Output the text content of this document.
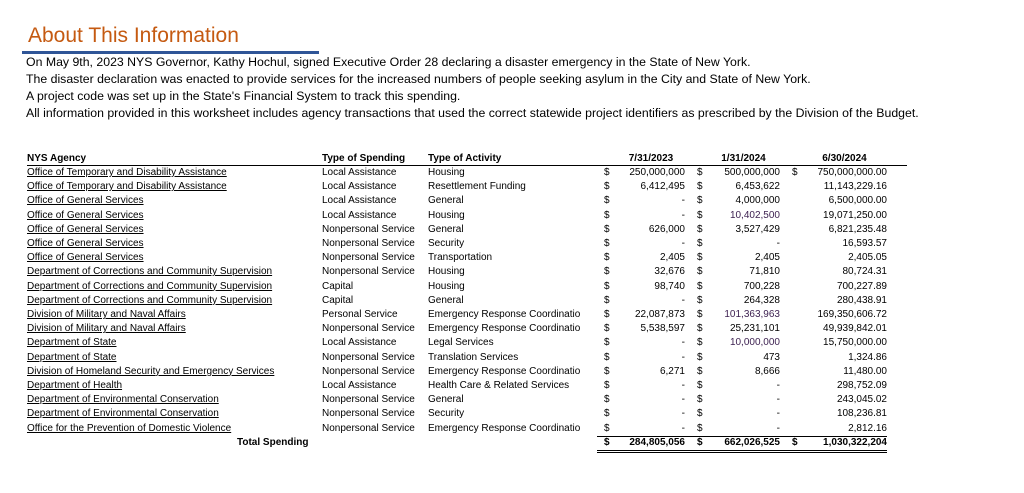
About This Information
On May 9th, 2023 NYS Governor, Kathy Hochul, signed Executive Order 28 declaring a disaster emergency in the State of New York.
The disaster declaration was enacted to provide services for the increased numbers of people seeking asylum in the City and State of New York.
A project code was set up in the State's Financial System to track this spending.
All information provided in this worksheet includes agency transactions that used the correct statewide project identifiers as prescribed by the Division of the Budget.
NYS Agency	Type of Spending Type of Activity	7/31/2023	1/31/2024	6/30/2024
Office of Temporary and Disability Assistance	Local Assistance	Housing	$	250,000,000 $	500,000,000 $	750,000,000.00
Office of Temporary and Disability Assistance	Local Assistance	Resettlement Funding	$	6,412,495 $	6,453,622	11,143,229.16
Office of General Services	Local Assistance	General	$	- $	4,000,000	6,500,000.00
Office of General Services	Local Assistance	Housing	$	- $	10,402,500	19,071,250.00
Office of General Services	Nonpersonal Service General	$	626,000 $	3,527,429	6,821,235.48
Office of General Services	Nonpersonal Service Security	$	- $	-	16,593.57
Office of General Services	Nonpersonal Service Transportation	$	2,405 $	2,405	2,405.05
Department of Corrections and Community Supervision	Nonpersonal Service Housing	$	32,676 $	71,810	80,724.31
Department of Corrections and Community Supervision	Capital	Housing	$	98,740 $	700,228	700,227.89
Department of Corrections and Community Supervision	Capital	General	$	- $	264,328	280,438.91
Division of Military and Naval Affairs	Personal Service	Emergency Response Coordinatio $	22,087,873 $	101,363,963	169,350,606.72
Division of Military and Naval Affairs	Nonpersonal Service Emergency Response Coordinatio $	5,538,597 $	25,231,101	49,939,842.01
Department of State	Local Assistance	Legal Services	$	- $	10,000,000	15,750,000.00
Department of State	Nonpersonal Service Translation Services	$	- $	473	1,324.86
Division of Homeland Security and Emergency Services	Nonpersonal Service Emergency Response Coordinatio $	6,271 $	8,666	11,480.00
Department of Health	Local Assistance	Health Care & Related Services	$	- $	-	298,752.09
Department of Environmental Conservation	Nonpersonal Service General	$	- $	-	243,045.02
Department of Environmental Conservation	Nonpersonal Service Security	$	- $	-	108,236.81
Office for the Prevention of Domestic Violence	Nonpersonal Service Emergency Response Coordinatio $	- $	-	2,812.16
Total Spending	$	284,805,056 $	662,026,525 $	1,030,322,204
